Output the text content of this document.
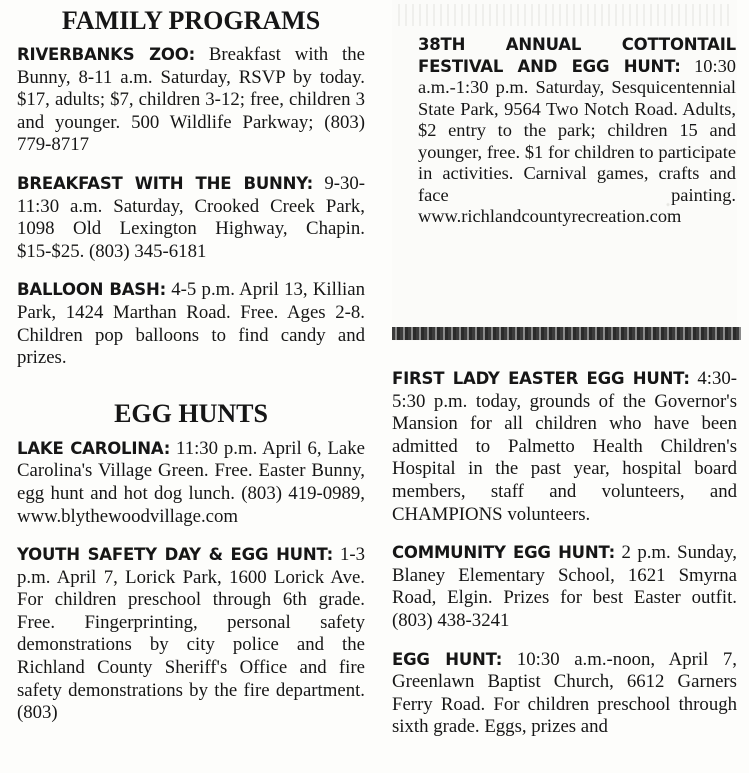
FAMILY PROGRAMS

RIVERBANKS ZOO: Breakfast with the Bunny, 8-11 a.m. Saturday, RSVP by today. $17, adults; $7, children 3-12; free, children 3 and younger. 500 Wildlife Parkway; (803) 779-8717

BREAKFAST WITH THE BUNNY: 9-30-11:30 a.m. Saturday, Crooked Creek Park, 1098 Old Lexington Highway, Chapin. $15-$25. (803) 345-6181

BALLOON BASH: 4-5 p.m. April 13, Killian Park, 1424 Marthan Road. Free. Ages 2-8. Children pop balloons to find candy and prizes.

EGG HUNTS

LAKE CAROLINA: 11:30 p.m. April 6, Lake Carolina's Village Green. Free. Easter Bunny, egg hunt and hot dog lunch. (803) 419-0989, www.blythewoodvillage.com

YOUTH SAFETY DAY & EGG HUNT: 1-3 p.m. April 7, Lorick Park, 1600 Lorick Ave. For children preschool through 6th grade. Free. Fingerprinting, personal safety demonstrations by city police and the Richland County Sheriff's Office and fire safety demonstrations by the fire department. (803)

38TH ANNUAL COTTONTAIL FESTIVAL AND EGG HUNT: 10:30 a.m.-1:30 p.m. Saturday, Sesquicentennial State Park, 9564 Two Notch Road. Adults, $2 entry to the park; children 15 and younger, free. $1 for children to participate in activities. Carnival games, crafts and face painting. www.richlandcountyrecreation.com

FIRST LADY EASTER EGG HUNT: 4:30-5:30 p.m. today, grounds of the Governor's Mansion for all children who have been admitted to Palmetto Health Children's Hospital in the past year, hospital board members, staff and volunteers, and CHAMPIONS volunteers.

COMMUNITY EGG HUNT: 2 p.m. Sunday, Blaney Elementary School, 1621 Smyrna Road, Elgin. Prizes for best Easter outfit. (803) 438-3241

EGG HUNT: 10:30 a.m.-noon, April 7, Greenlawn Baptist Church, 6612 Garners Ferry Road. For children preschool through sixth grade. Eggs, prizes and
